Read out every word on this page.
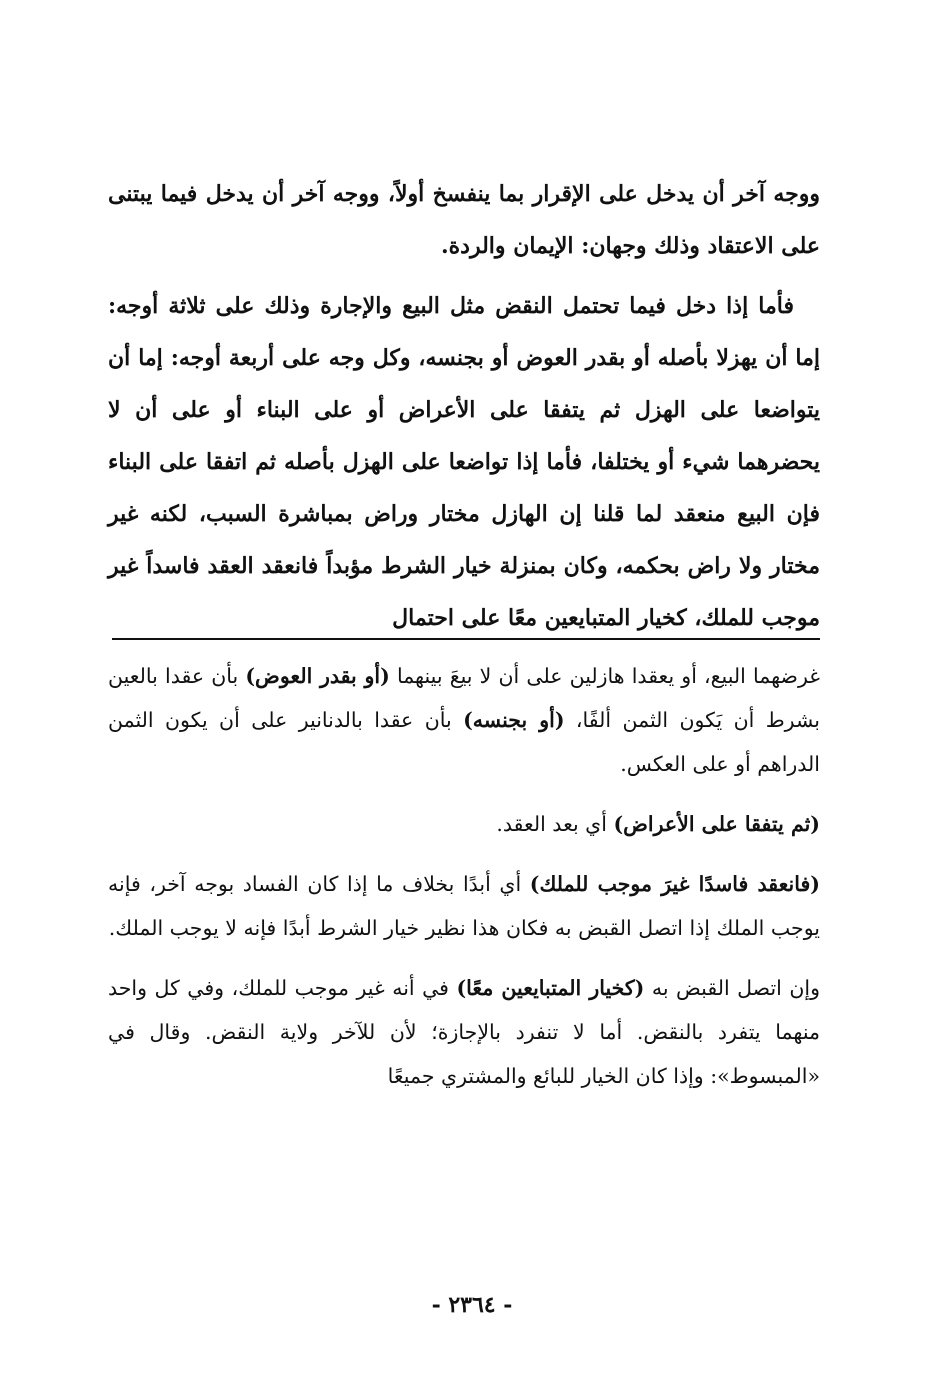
ووجه آخر أن يدخل على الإقرار بما ينفسخ أولاً، ووجه آخر أن يدخل فيما يبتنى على الاعتقاد وذلك وجهان: الإيمان والردة.

فأما إذا دخل فيما تحتمل النقض مثل البيع والإجارة وذلك على ثلاثة أوجه: إما أن يهزلا بأصله أو بقدر العوض أو بجنسه، وكل وجه على أربعة أوجه: إما أن يتواضعا على الهزل ثم يتفقا على الأعراض أو على البناء أو على أن لا يحضرهما شيء أو يختلفا، فأما إذا تواضعا على الهزل بأصله ثم اتفقا على البناء فإن البيع منعقد لما قلنا إن الهازل مختار وراض بمباشرة السبب، لكنه غير مختار ولا راض بحكمه، وكان بمنزلة خيار الشرط مؤبداً فانعقد العقد فاسداً غير موجب للملك، كخيار المتبايعين معًا على احتمال

غرضهما البيع، أو يعقدا هازلين على أن لا بيعَ بينهما (أو بقدر العوض) بأن عقدا بالعين بشرط أن يَكون الثمن ألفًا، (أو بجنسه) بأن عقدا بالدنانير على أن يكون الثمن الدراهم أو على العكس.

(ثم يتفقا على الأعراض) أي بعد العقد.

(فانعقد فاسدًا غيرَ موجب للملك) أي أبدًا بخلاف ما إذا كان الفساد بوجه آخر، فإنه يوجب الملك إذا اتصل القبض به فكان هذا نظير خيار الشرط أبدًا فإنه لا يوجب الملك.

وإن اتصل القبض به (كخيار المتبايعين معًا) في أنه غير موجب للملك، وفي كل واحد منهما يتفرد بالنقض. أما لا تنفرد بالإجازة؛ لأن للآخر ولاية النقض. وقال في «المبسوط»: وإذا كان الخيار للبائع والمشتري جميعًا

- ٢٣٦٤ -
